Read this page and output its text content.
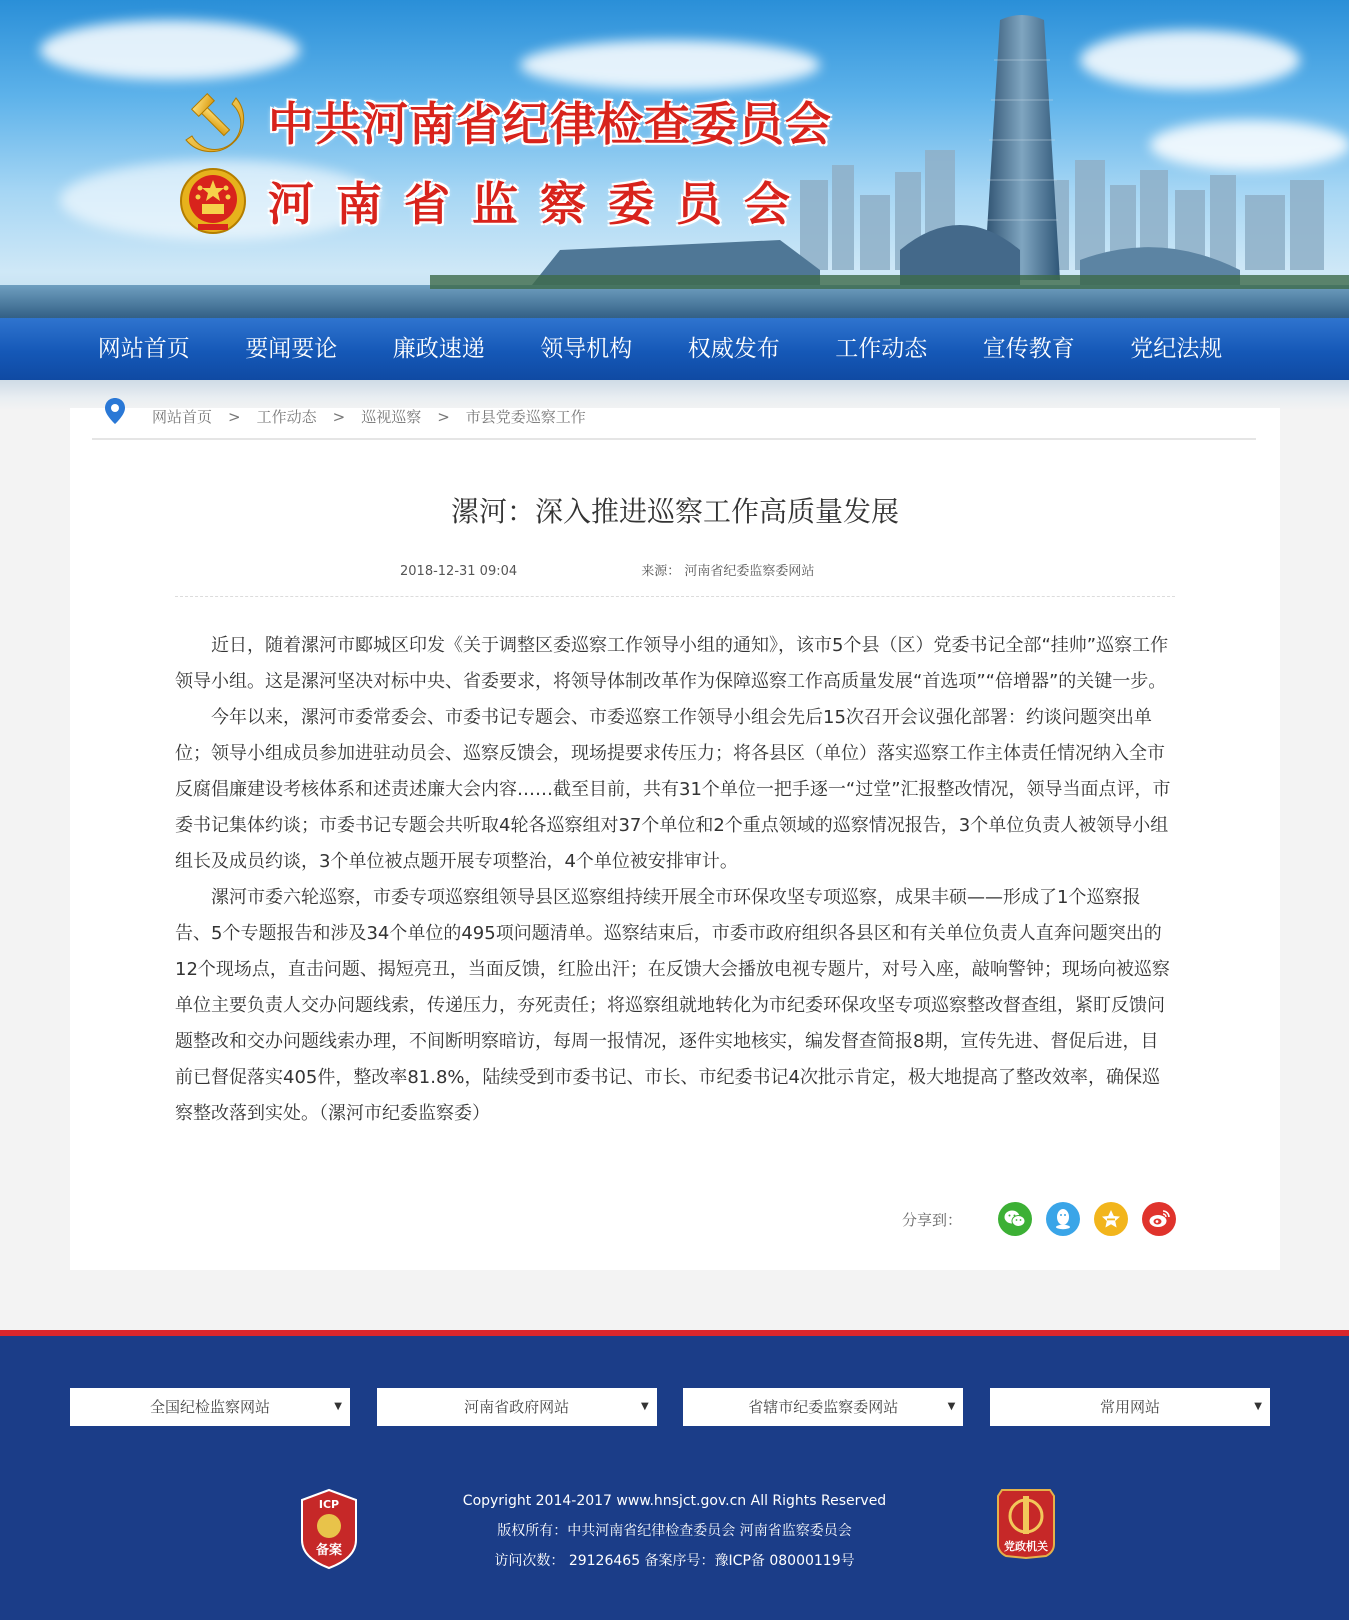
中共河南省纪律检查委员会
河南省监察委员会
网站首页	要闻要论	廉政速递	领导机构	权威发布	工作动态	宣传教育	党纪法规
网站首页 > 工作动态 > 巡视巡察 > 市县党委巡察工作
漯河：深入推进巡察工作高质量发展
2018-12-31 09:04	来源： 河南省纪委监察委网站

近日，随着漯河市郾城区印发《关于调整区委巡察工作领导小组的通知》，该市5个县（区）党委书记全部“挂帅”巡察工作领导小组。这是漯河坚决对标中央、省委要求，将领导体制改革作为保障巡察工作高质量发展“首选项”“倍增器”的关键一步。

今年以来，漯河市委常委会、市委书记专题会、市委巡察工作领导小组会先后15次召开会议强化部署：约谈问题突出单位；领导小组成员参加进驻动员会、巡察反馈会，现场提要求传压力；将各县区（单位）落实巡察工作主体责任情况纳入全市反腐倡廉建设考核体系和述责述廉大会内容……截至目前，共有31个单位一把手逐一“过堂”汇报整改情况，领导当面点评，市委书记集体约谈；市委书记专题会共听取4轮各巡察组对37个单位和2个重点领域的巡察情况报告，3个单位负责人被领导小组组长及成员约谈，3个单位被点题开展专项整治，4个单位被安排审计。

漯河市委六轮巡察，市委专项巡察组领导县区巡察组持续开展全市环保攻坚专项巡察，成果丰硕——形成了1个巡察报告、5个专题报告和涉及34个单位的495项问题清单。巡察结束后，市委市政府组织各县区和有关单位负责人直奔问题突出的12个现场点，直击问题、揭短亮丑，当面反馈，红脸出汗；在反馈大会播放电视专题片，对号入座，敲响警钟；现场向被巡察单位主要负责人交办问题线索，传递压力，夯死责任；将巡察组就地转化为市纪委环保攻坚专项巡察整改督查组，紧盯反馈问题整改和交办问题线索办理，不间断明察暗访，每周一报情况，逐件实地核实，编发督查简报8期，宣传先进、督促后进，目前已督促落实405件，整改率81.8%，陆续受到市委书记、市长、市纪委书记4次批示肯定，极大地提高了整改效率，确保巡察整改落到实处。（漯河市纪委监察委）

分享到：
全国纪检监察网站	▼	河南省政府网站	▼	省辖市纪委监察委网站	▼	常用网站	▼
ICP
备案
Copyright 2014-2017 www.hnsjct.gov.cn All Rights Reserved
版权所有：中共河南省纪律检查委员会 河南省监察委员会
访问次数： 29126465 备案序号：豫ICP备 08000119号
党政机关
